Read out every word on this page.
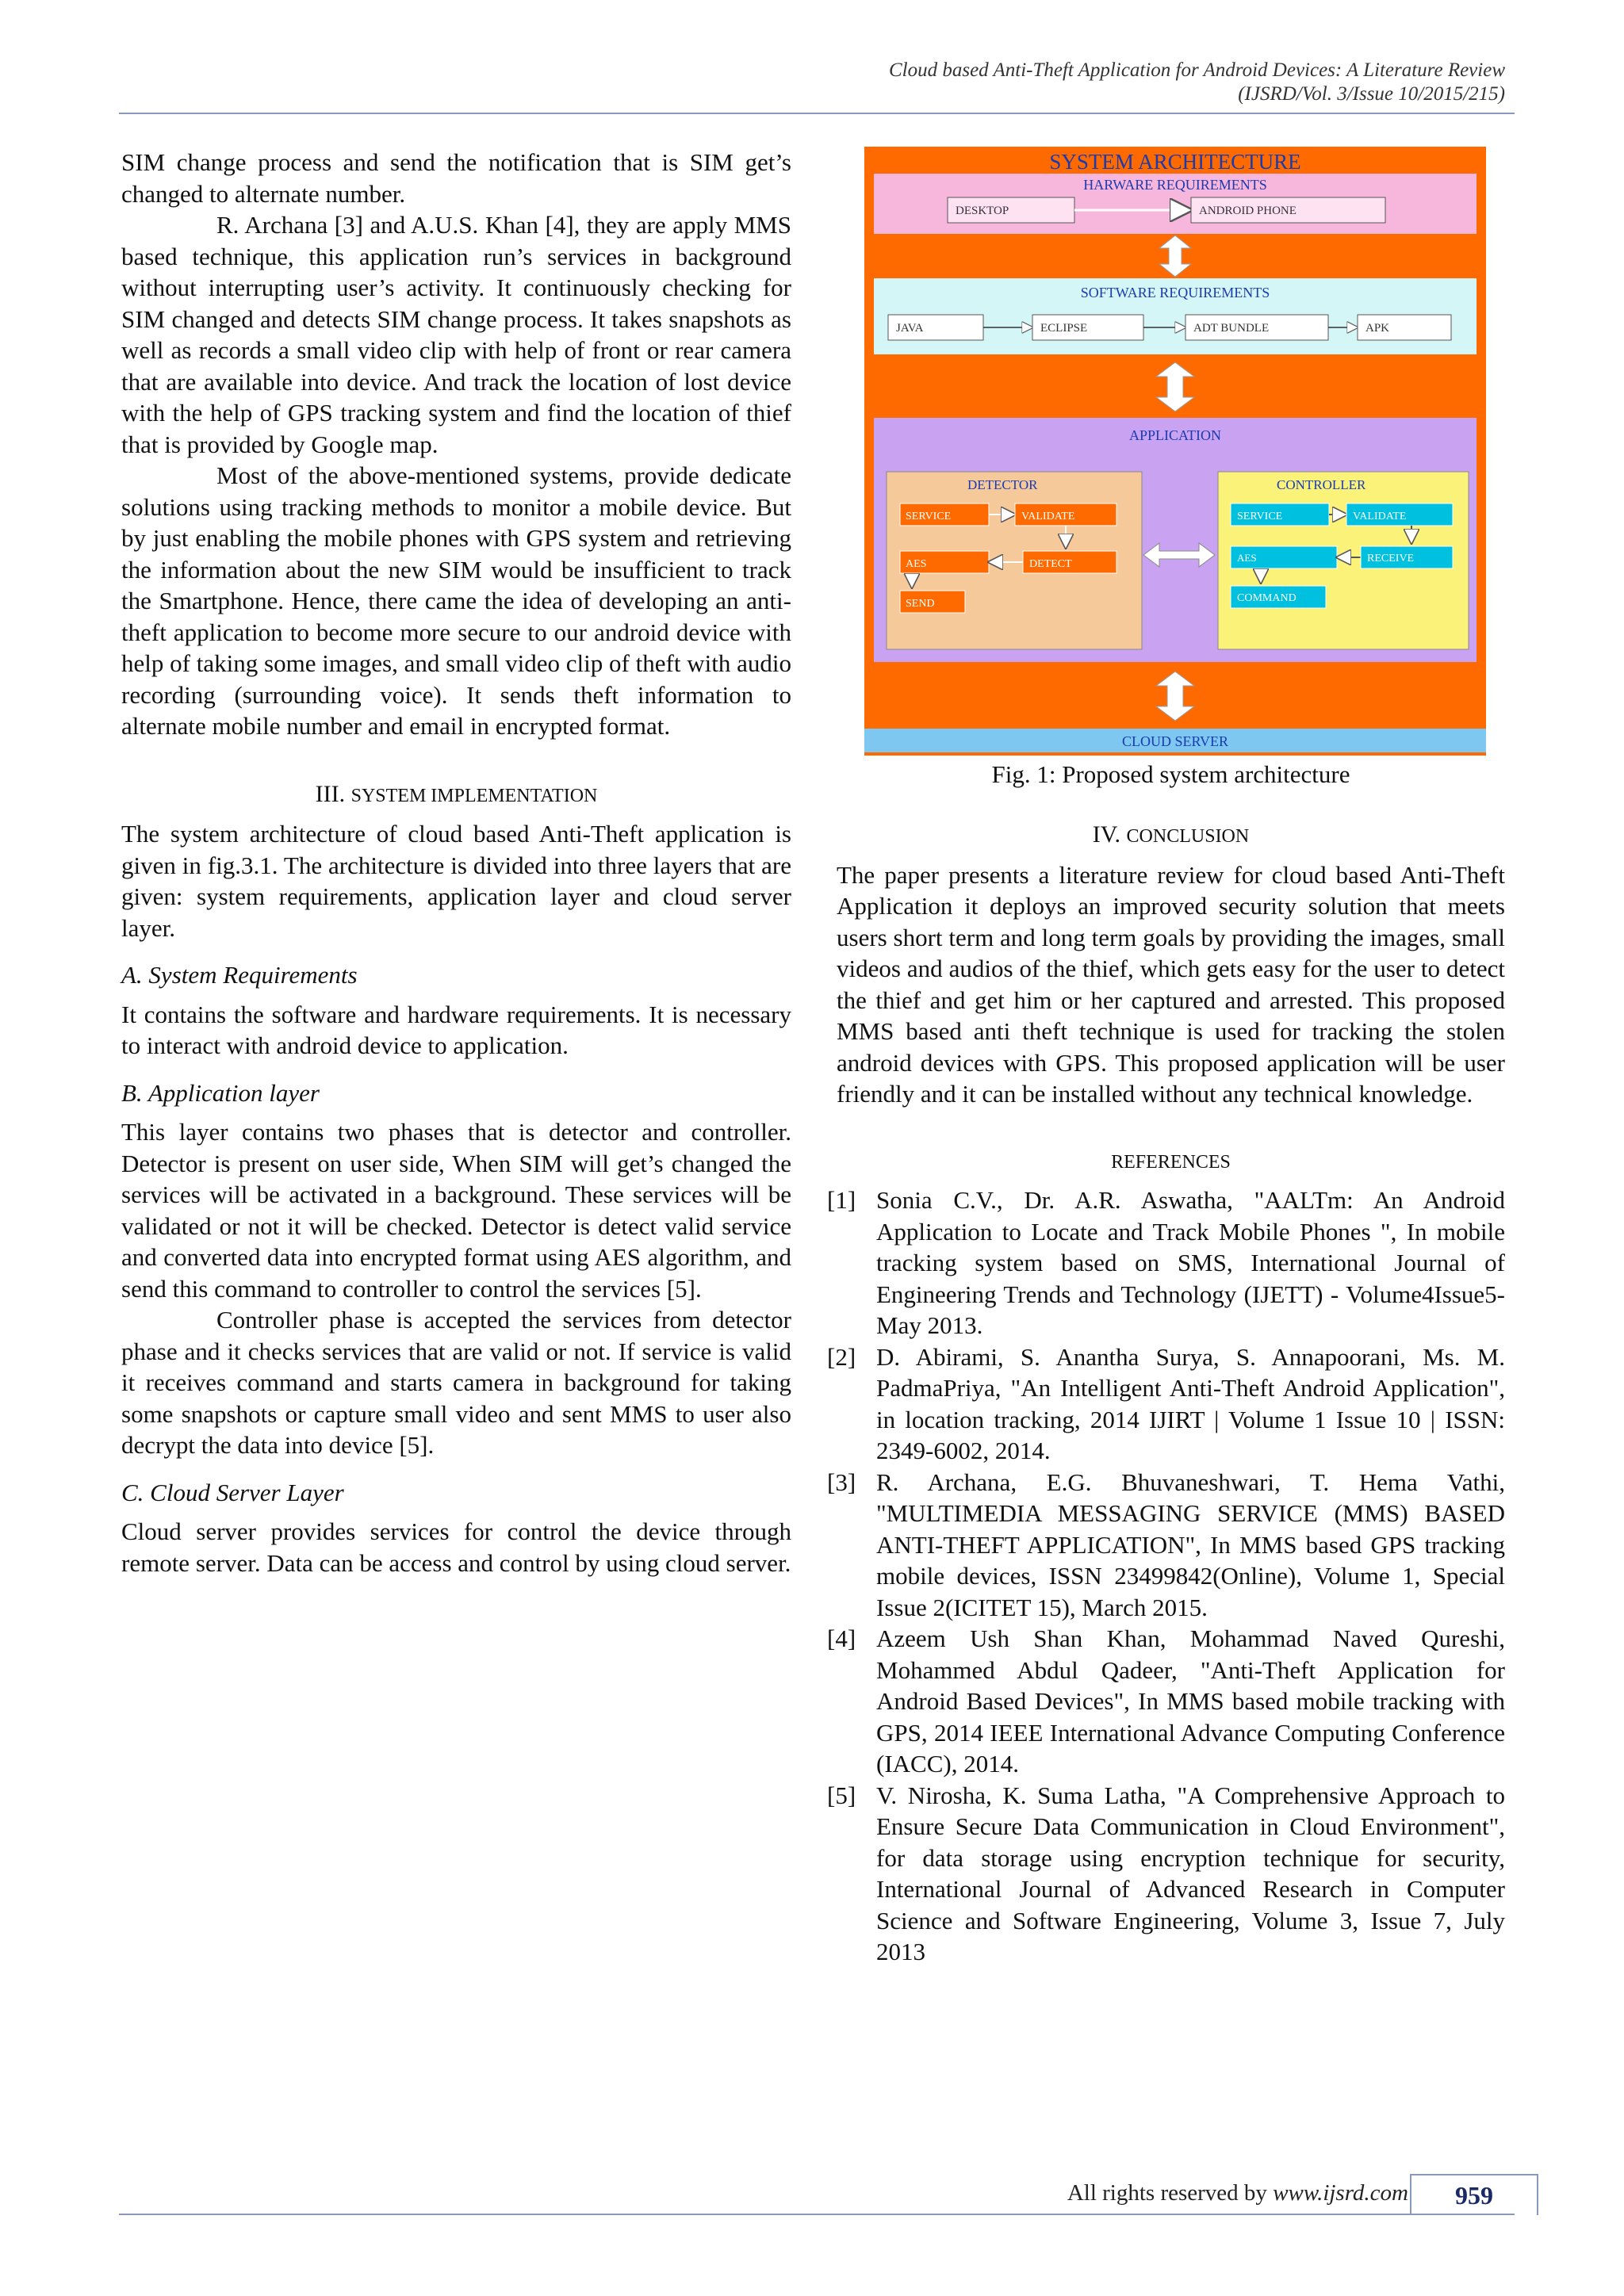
Cloud based Anti-Theft Application for Android Devices: A Literature Review
(IJSRD/Vol. 3/Issue 10/2015/215)

SIM change process and send the notification that is SIM get’s changed to alternate number.

R. Archana [3] and A.U.S. Khan [4], they are apply MMS based technique, this application run’s services in background without interrupting user’s activity. It continuously checking for SIM changed and detects SIM change process. It takes snapshots as well as records a small video clip with help of front or rear camera that are available into device. And track the location of lost device with the help of GPS tracking system and find the location of thief that is provided by Google map.

Most of the above-mentioned systems, provide dedicate solutions using tracking methods to monitor a mobile device. But by just enabling the mobile phones with GPS system and retrieving the information about the new SIM would be insufficient to track the Smartphone. Hence, there came the idea of developing an anti-theft application to become more secure to our android device with help of taking some images, and small video clip of theft with audio recording (surrounding voice). It sends theft information to alternate mobile number and email in encrypted format.

III. SYSTEM IMPLEMENTATION

The system architecture of cloud based Anti-Theft application is given in fig.3.1. The architecture is divided into three layers that are given: system requirements, application layer and cloud server layer.

A. System Requirements

It contains the software and hardware requirements. It is necessary to interact with android device to application.

B. Application layer

This layer contains two phases that is detector and controller. Detector is present on user side, When SIM will get’s changed the services will be activated in a background. These services will be validated or not it will be checked. Detector is detect valid service and converted data into encrypted format using AES algorithm, and send this command to controller to control the services [5].

Controller phase is accepted the services from detector phase and it checks services that are valid or not. If service is valid it receives command and starts camera in background for taking some snapshots or capture small video and sent MMS to user also decrypt the data into device [5].

C. Cloud Server Layer

Cloud server provides services for control the device through remote server. Data can be access and control by using cloud server.

SYSTEM ARCHITECTURE
HARWARE REQUIREMENTS
DESKTOP	ANDROID PHONE
SOFTWARE REQUIREMENTS
JAVA	ECLIPSE	ADT BUNDLE	APK
APPLICATION
DETECTOR
SERVICE	VALIDATE
AES	DETECT
SEND
CONTROLLER
SERVICE	VALIDATE
AES	RECEIVE
COMMAND
CLOUD SERVER
Fig. 1: Proposed system architecture
IV. CONCLUSION

The paper presents a literature review for cloud based Anti-Theft Application it deploys an improved security solution that meets users short term and long term goals by providing the images, small videos and audios of the thief, which gets easy for the user to detect the thief and get him or her captured and arrested. This proposed MMS based anti theft technique is used for tracking the stolen android devices with GPS. This proposed application will be user friendly and it can be installed without any technical knowledge.

REFERENCES
[1] Sonia C.V., Dr. A.R. Aswatha, "AALTm: An Android Application to Locate and Track Mobile Phones ", In mobile tracking system based on SMS, International Journal of Engineering Trends and Technology (IJETT) - Volume4Issue5- May 2013.
[2] D. Abirami, S. Anantha Surya, S. Annapoorani, Ms. M. PadmaPriya, "An Intelligent Anti-Theft Android Application", in location tracking, 2014 IJIRT | Volume 1 Issue 10 | ISSN: 2349-6002, 2014.
[3] R. Archana, E.G. Bhuvaneshwari, T. Hema Vathi, "MULTIMEDIA MESSAGING SERVICE (MMS) BASED ANTI-THEFT APPLICATION", In MMS based GPS tracking mobile devices, ISSN 23499842(Online), Volume 1, Special Issue 2(ICITET 15), March 2015.
[4] Azeem Ush Shan Khan, Mohammad Naved Qureshi, Mohammed Abdul Qadeer, "Anti-Theft Application for Android Based Devices", In MMS based mobile tracking with GPS, 2014 IEEE International Advance Computing Conference (IACC), 2014.
[5] V. Nirosha, K. Suma Latha, "A Comprehensive Approach to Ensure Secure Data Communication in Cloud Environment", for data storage using encryption technique for security, International Journal of Advanced Research in Computer Science and Software Engineering, Volume 3, Issue 7, July 2013
All rights reserved by www.ijsrd.com	959
